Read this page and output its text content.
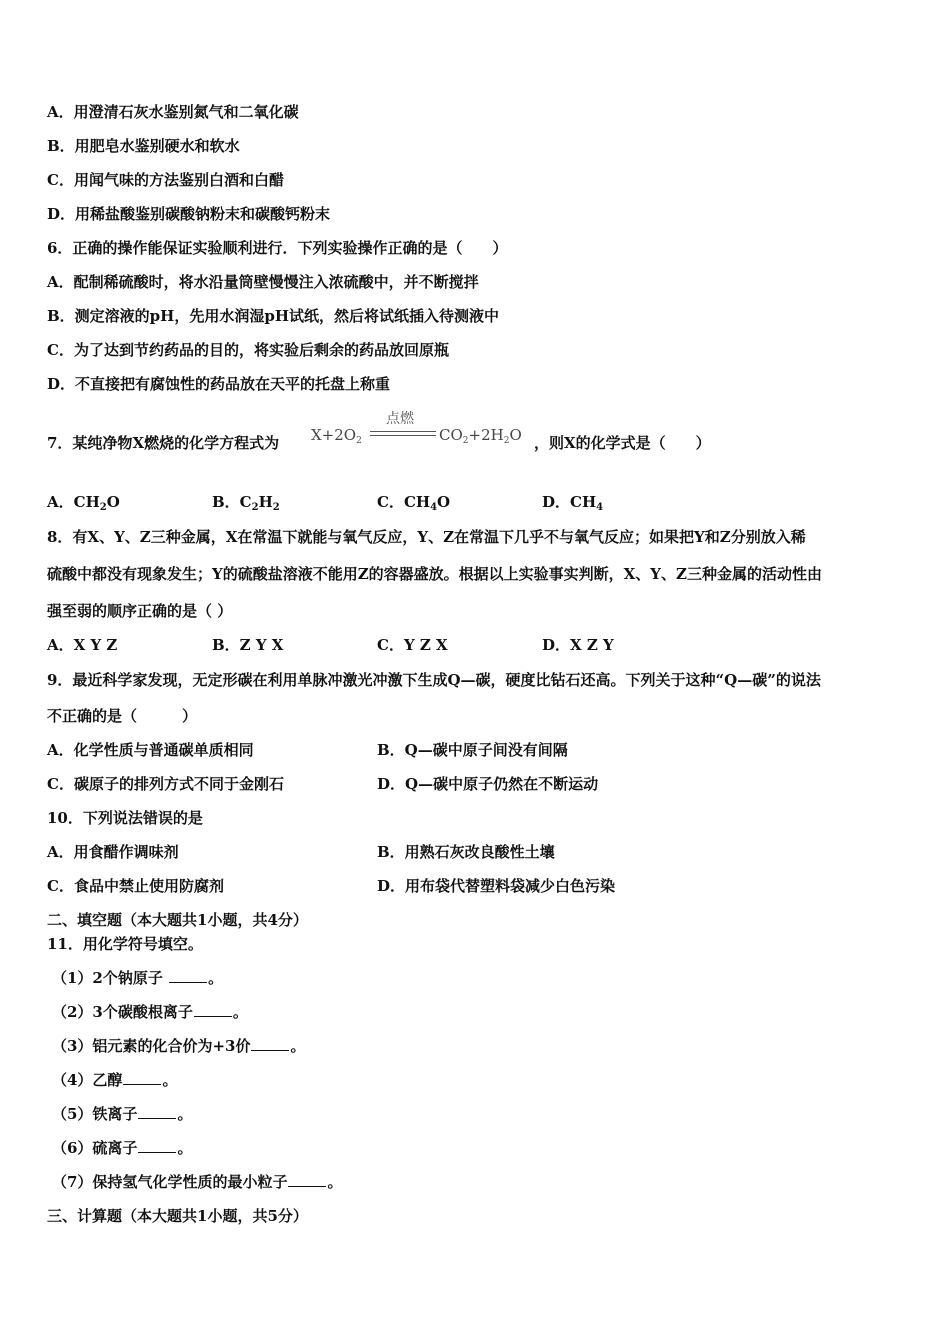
A．用澄清石灰水鉴别氮气和二氧化碳
B．用肥皂水鉴别硬水和软水
C．用闻气味的方法鉴别白酒和白醋
D．用稀盐酸鉴别碳酸钠粉末和碳酸钙粉末
6．正确的操作能保证实验顺利进行．下列实验操作正确的是（　　）
A．配制稀硫酸时，将水沿量筒壁慢慢注入浓硫酸中，并不断搅拌
B．测定溶液的pH，先用水润湿pH试纸，然后将试纸插入待测液中
C．为了达到节约药品的目的，将实验后剩余的药品放回原瓶
D．不直接把有腐蚀性的药品放在天平的托盘上称重
7．某纯净物X燃烧的化学方程式为 $X+2O_2$
点燃
$CO_2+2H_2O$ ，则X的化学式是（　　）
A．$CH_2O$	B．$C_2H_2$	C．$CH_4O$	D．$CH_4$
8．有X、Y、Z三种金属，X在常温下就能与氧气反应，Y、Z在常温下几乎不与氧气反应；如果把Y和Z分别放入稀
硫酸中都没有现象发生；Y的硫酸盐溶液不能用Z的容器盛放。根据以上实验事实判断，X、Y、Z三种金属的活动性由
强至弱的顺序正确的是（ ）
A．X Y Z	B．Z Y X	C．Y Z X	D．X Z Y
9．最近科学家发现，无定形碳在利用单脉冲激光冲激下生成Q—碳，硬度比钻石还高。下列关于这种“Q—碳”的说法
不正确的是（　　　）
A．化学性质与普通碳单质相同	B．Q—碳中原子间没有间隔
C．碳原子的排列方式不同于金刚石	D．Q—碳中原子仍然在不断运动
10．下列说法错误的是
A．用食醋作调味剂	B．用熟石灰改良酸性土壤
C．食品中禁止使用防腐剂	D．用布袋代替塑料袋减少白色污染
二、填空题（本大题共1小题，共4分）
11．用化学符号填空。
（1）2个钠原子	。
（2）3个碳酸根离子	。
（3）铝元素的化合价为+3价	。
（4）乙醇	。
（5）铁离子	。
（6）硫离子	。
（7）保持氢气化学性质的最小粒子	。
三、计算题（本大题共1小题，共5分）
